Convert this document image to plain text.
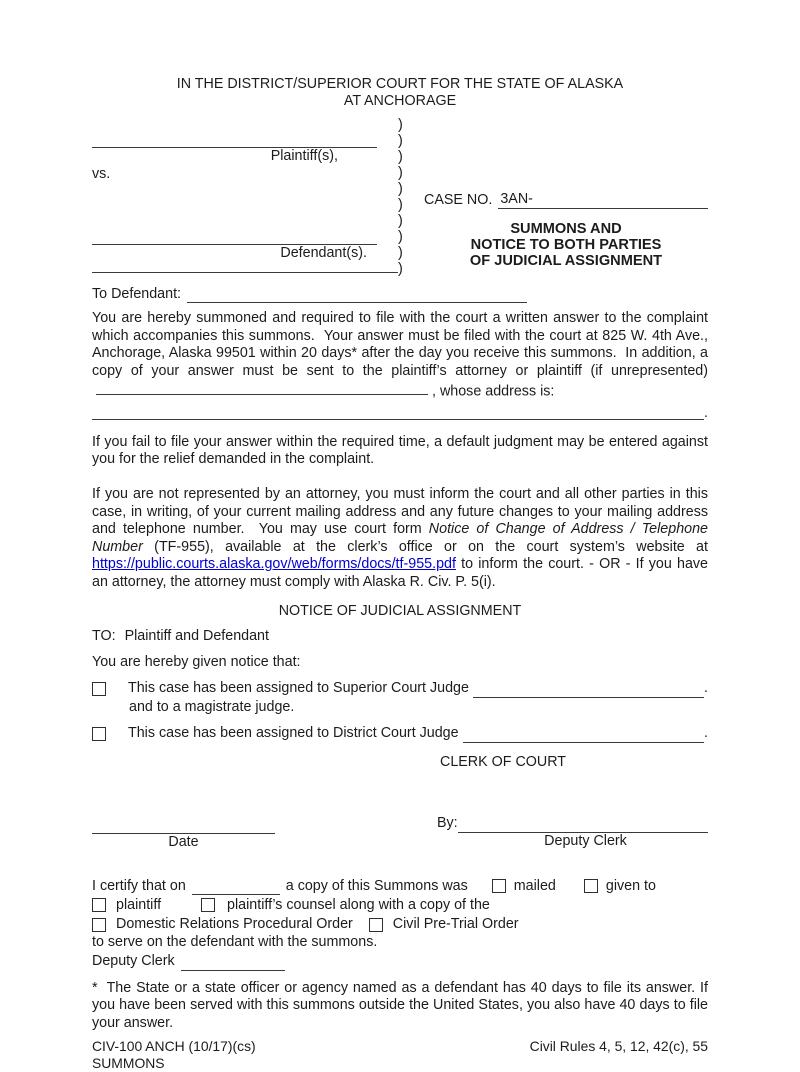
IN THE DISTRICT/SUPERIOR COURT FOR THE STATE OF ALASKA
AT ANCHORAGE
Plaintiff(s),
vs.
Defendant(s).
)
)
)
)
)
)
)
)
)
)
CASE NO. 3AN-
SUMMONS AND
NOTICE TO BOTH PARTIES
OF JUDICIAL ASSIGNMENT
To Defendant:
You are hereby summoned and required to file with the court a written answer to the complaint which accompanies this summons.  Your answer must be filed with the court at 825 W. 4th Ave., Anchorage, Alaska 99501 within 20 days* after the day you receive this summons.  In addition, a copy of your answer must be sent to the plaintiff’s attorney or plaintiff (if unrepresented), whose address is:
.
If you fail to file your answer within the required time, a default judgment may be entered against you for the relief demanded in the complaint.
If you are not represented by an attorney, you must inform the court and all other parties in this case, in writing, of your current mailing address and any future changes to your mailing address and telephone number.  You may use court form Notice of Change of Address / Telephone Number (TF-955), available at the clerk’s office or on the court system’s website at https://public.courts.alaska.gov/web/forms/docs/tf-955.pdf to inform the court. - OR - If you have an attorney, the attorney must comply with Alaska R. Civ. P. 5(i).
NOTICE OF JUDICIAL ASSIGNMENT
TO: Plaintiff and Defendant
You are hereby given notice that:
This case has been assigned to Superior Court Judge	.
and to a magistrate judge.
This case has been assigned to District Court Judge	.
CLERK OF COURT
Date
By:
Deputy Clerk
I certify that on	a copy of this Summons was	mailed	given to
plaintiff	plaintiff’s counsel along with a copy of the
Domestic Relations Procedural Order	Civil Pre-Trial Order
to serve on the defendant with the summons.
Deputy Clerk
* The State or a state officer or agency named as a defendant has 40 days to file its answer. If you have been served with this summons outside the United States, you also have 40 days to file your answer.
CIV-100 ANCH (10/17)(cs)	Civil Rules 4, 5, 12, 42(c), 55
SUMMONS
